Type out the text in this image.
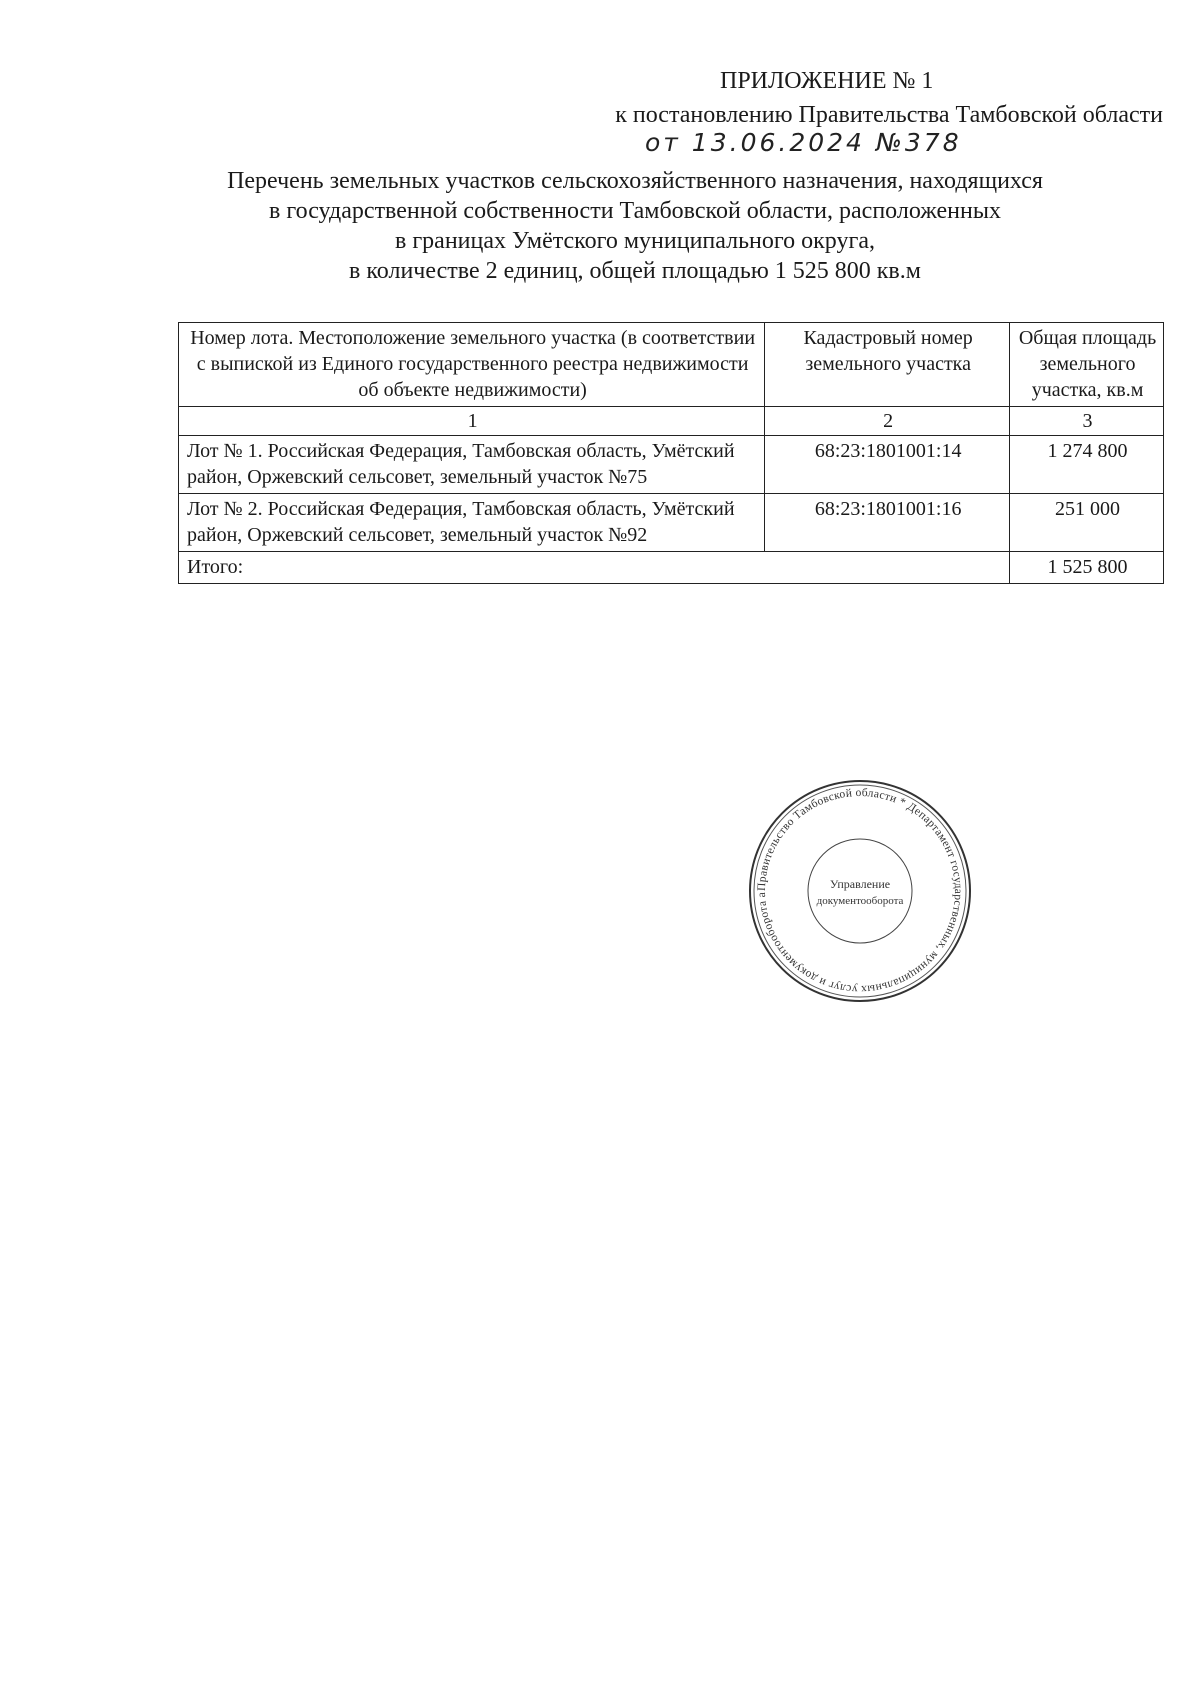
ПРИЛОЖЕНИЕ № 1
к постановлению Правительства Тамбовской области
от 13.06.2024 №378
Перечень земельных участков сельскохозяйственного назначения, находящихся
в государственной собственности Тамбовской области, расположенных
в границах Умётского муниципального округа,
в количестве 2 единиц, общей площадью 1 525 800 кв.м
Номер лота. Местоположение земельного участка (в соответствии с выпиской из Единого государственного реестра недвижимости об объекте недвижимости)	Кадастровый номер земельного участка	Общая площадь земельного участка, кв.м
1	2	3
Лот № 1. Российская Федерация, Тамбовская область, Умётский район, Оржевский сельсовет, земельный участок №75	68:23:1801001:14	1 274 800
Лот № 2. Российская Федерация, Тамбовская область, Умётский район, Оржевский сельсовет, земельный участок №92	68:23:1801001:16	251 000
Итого:		1 525 800
Правительство Тамбовской области * Департамент государственных, муниципальных услуг и документооборота а
Управление
документооборота
